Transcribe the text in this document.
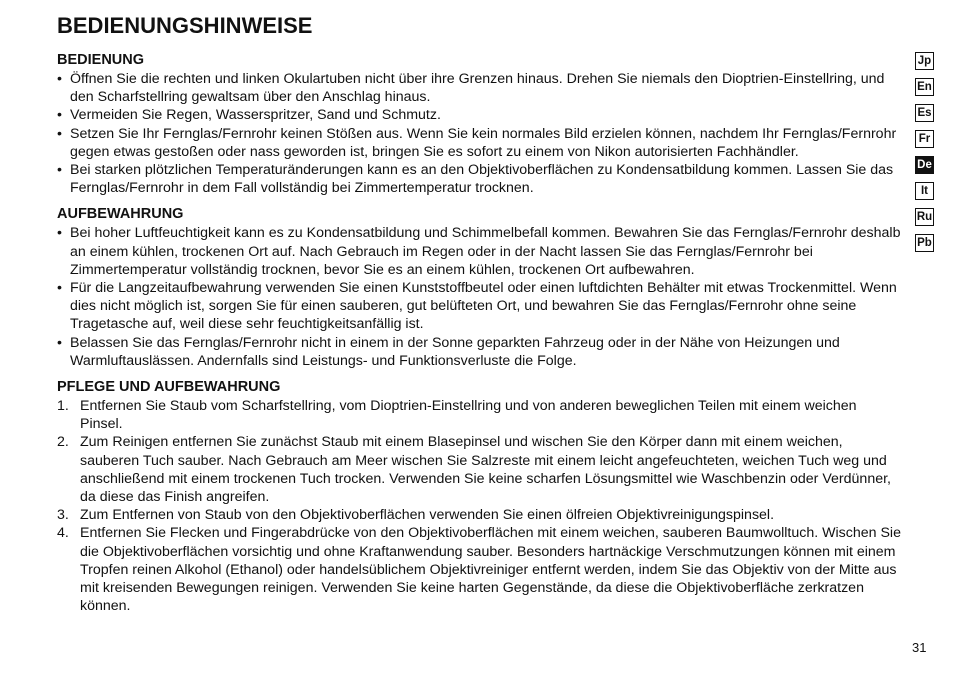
BEDIENUNGSHINWEISE
BEDIENUNG
• Öffnen Sie die rechten und linken Okulartuben nicht über ihre Grenzen hinaus. Drehen Sie niemals den Dioptrien-Einstellring, und den Scharfstellring gewaltsam über den Anschlag hinaus.
• Vermeiden Sie Regen, Wasserspritzer, Sand und Schmutz.
• Setzen Sie Ihr Fernglas/Fernrohr keinen Stößen aus. Wenn Sie kein normales Bild erzielen können, nachdem Ihr Fernglas/Fernrohr gegen etwas gestoßen oder nass geworden ist, bringen Sie es sofort zu einem von Nikon autorisierten Fachhändler.
• Bei starken plötzlichen Temperaturänderungen kann es an den Objektivoberflächen zu Kondensatbildung kommen. Lassen Sie das Fernglas/Fernrohr in dem Fall vollständig bei Zimmertemperatur trocknen.
AUFBEWAHRUNG
• Bei hoher Luftfeuchtigkeit kann es zu Kondensatbildung und Schimmelbefall kommen. Bewahren Sie das Fernglas/Fernrohr deshalb an einem kühlen, trockenen Ort auf. Nach Gebrauch im Regen oder in der Nacht lassen Sie das Fernglas/Fernrohr bei Zimmertemperatur vollständig trocknen, bevor Sie es an einem kühlen, trockenen Ort aufbewahren.
• Für die Langzeitaufbewahrung verwenden Sie einen Kunststoffbeutel oder einen luftdichten Behälter mit etwas Trockenmittel. Wenn dies nicht möglich ist, sorgen Sie für einen sauberen, gut belüfteten Ort, und bewahren Sie das Fernglas/Fernrohr ohne seine Tragetasche auf, weil diese sehr feuchtigkeitsanfällig ist.
• Belassen Sie das Fernglas/Fernrohr nicht in einem in der Sonne geparkten Fahrzeug oder in der Nähe von Heizungen und Warmluftauslässen. Andernfalls sind Leistungs- und Funktionsverluste die Folge.
PFLEGE UND AUFBEWAHRUNG
1. Entfernen Sie Staub vom Scharfstellring, vom Dioptrien-Einstellring und von anderen beweglichen Teilen mit einem weichen Pinsel.
2. Zum Reinigen entfernen Sie zunächst Staub mit einem Blasepinsel und wischen Sie den Körper dann mit einem weichen, sauberen Tuch sauber. Nach Gebrauch am Meer wischen Sie Salzreste mit einem leicht angefeuchteten, weichen Tuch weg und anschließend mit einem trockenen Tuch trocken. Verwenden Sie keine scharfen Lösungsmittel wie Waschbenzin oder Verdünner, da diese das Finish angreifen.
3. Zum Entfernen von Staub von den Objektivoberflächen verwenden Sie einen ölfreien Objektivreinigungspinsel.
4. Entfernen Sie Flecken und Fingerabdrücke von den Objektivoberflächen mit einem weichen, sauberen Baumwolltuch. Wischen Sie die Objektivoberflächen vorsichtig und ohne Kraftanwendung sauber. Besonders hartnäckige Verschmutzungen können mit einem Tropfen reinen Alkohol (Ethanol) oder handelsüblichem Objektivreiniger entfernt werden, indem Sie das Objektiv von der Mitte aus mit kreisenden Bewegungen reinigen. Verwenden Sie keine harten Gegenstände, da diese die Objektivoberfläche zerkratzen können.
Jp
En
Es
Fr
De
It
Ru
Pb
31
